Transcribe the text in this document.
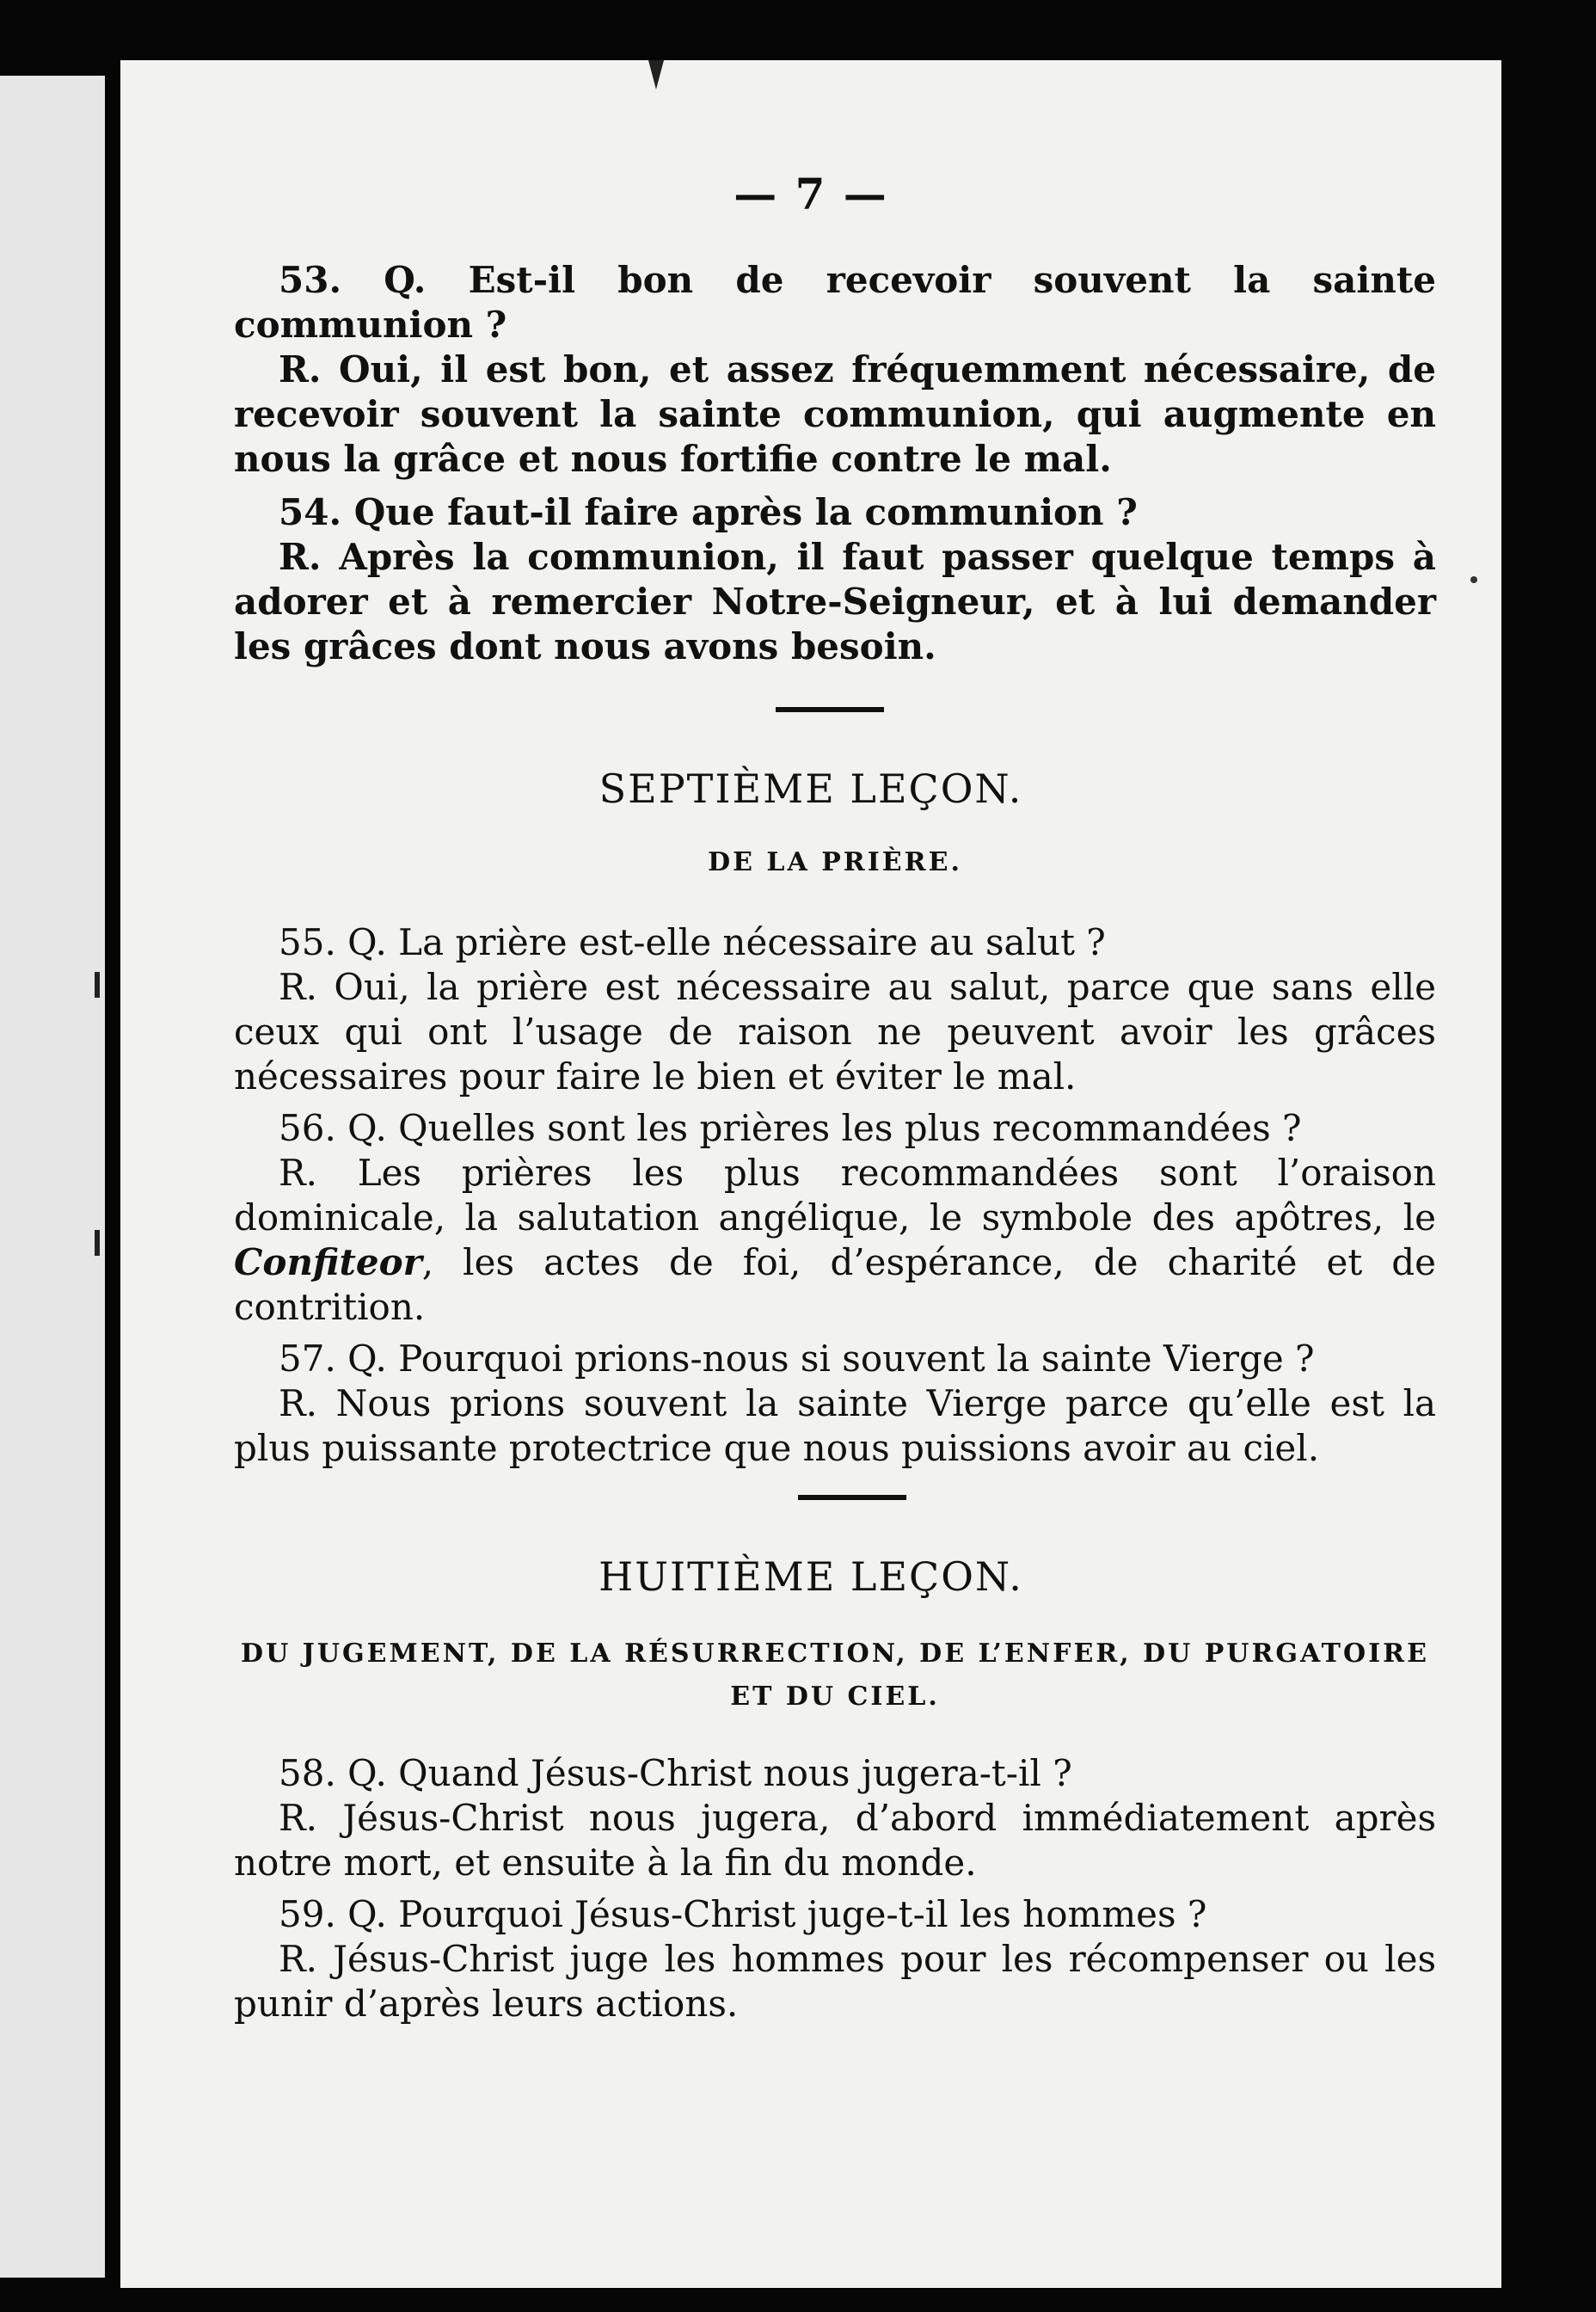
— 7 —

53. Q. Est-il bon de recevoir souvent la sainte communion ?

R. Oui, il est bon, et assez fréquemment nécessaire, de recevoir souvent la sainte communion, qui augmente en nous la grâce et nous fortifie contre le mal.

54. Que faut-il faire après la communion ?

R. Après la communion, il faut passer quelque temps à adorer et à remercier Notre-Seigneur, et à lui demander les grâces dont nous avons besoin.

SEPTIÈME LEÇON.
DE LA PRIÈRE.

55. Q. La prière est-elle nécessaire au salut ?

R. Oui, la prière est nécessaire au salut, parce que sans elle ceux qui ont l’usage de raison ne peuvent avoir les grâces nécessaires pour faire le bien et éviter le mal.

56. Q. Quelles sont les prières les plus recommandées ?

R. Les prières les plus recommandées sont l’oraison dominicale, la salutation angélique, le symbole des apôtres, le Confiteor, les actes de foi, d’espérance, de charité et de contrition.

57. Q. Pourquoi prions-nous si souvent la sainte Vierge ?

R. Nous prions souvent la sainte Vierge parce qu’elle est la plus puissante protectrice que nous puissions avoir au ciel.

HUITIÈME LEÇON.
DU JUGEMENT, DE LA RÉSURRECTION, DE L’ENFER, DU PURGATOIRE ET DU CIEL.

58. Q. Quand Jésus-Christ nous jugera-t-il ?

R. Jésus-Christ nous jugera, d’abord immédiatement après notre mort, et ensuite à la fin du monde.

59. Q. Pourquoi Jésus-Christ juge-t-il les hommes ?

R. Jésus-Christ juge les hommes pour les récompenser ou les punir d’après leurs actions.
